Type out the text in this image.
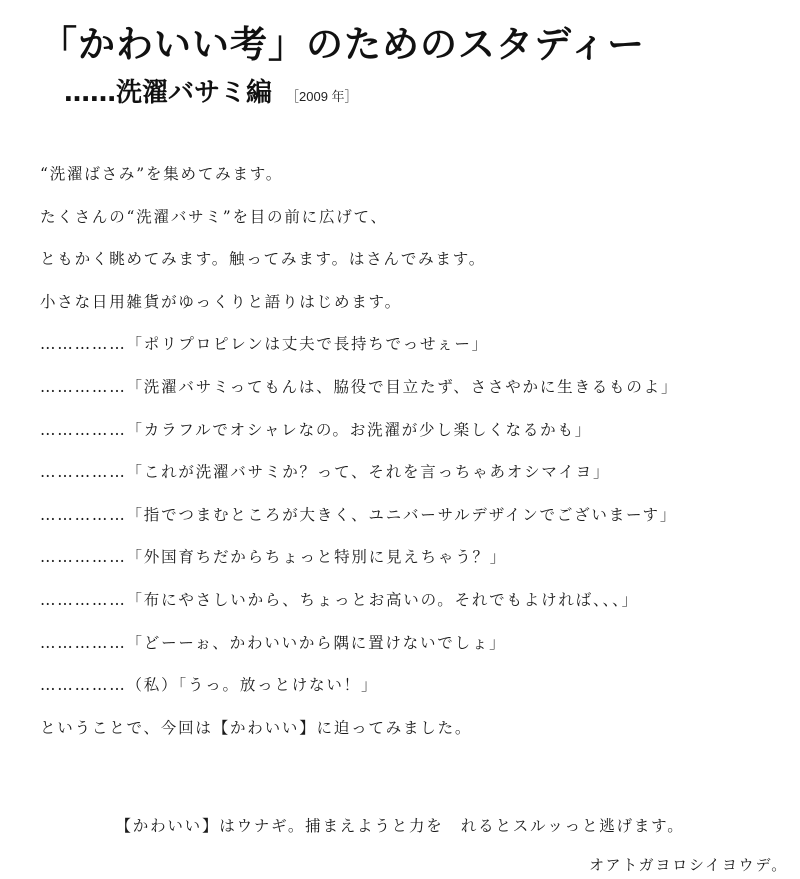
「かわいい考」のためのスタディー
……洗濯バサミ編 ［2009 年］
“洗濯ばさみ”を集めてみます。
たくさんの“洗濯バサミ”を目の前に広げて、
ともかく眺めてみます。触ってみます。はさんでみます。
小さな日用雑貨がゆっくりと語りはじめます。
……………「ポリプロピレンは丈夫で長持ちでっせぇー」
……………「洗濯バサミってもんは、脇役で目立たず、ささやかに生きるものよ」
……………「カラフルでオシャレなの。お洗濯が少し楽しくなるかも」
……………「これが洗濯バサミか？って、それを言っちゃあオシマイヨ」
……………「指でつまむところが大きく、ユニバーサルデザインでございまーす」
……………「外国育ちだからちょっと特別に見えちゃう？」
……………「布にやさしいから、ちょっとお高いの。それでもよければ、、、」
……………「どーーぉ、かわいいから隅に置けないでしょ」
……………（私）「うっ。放っとけない！」
ということで、今回は【かわいい】に迫ってみました。
【かわいい】はウナギ。捕まえようと力を　れるとスルッっと逃げます。
オアトガヨロシイヨウデ。
